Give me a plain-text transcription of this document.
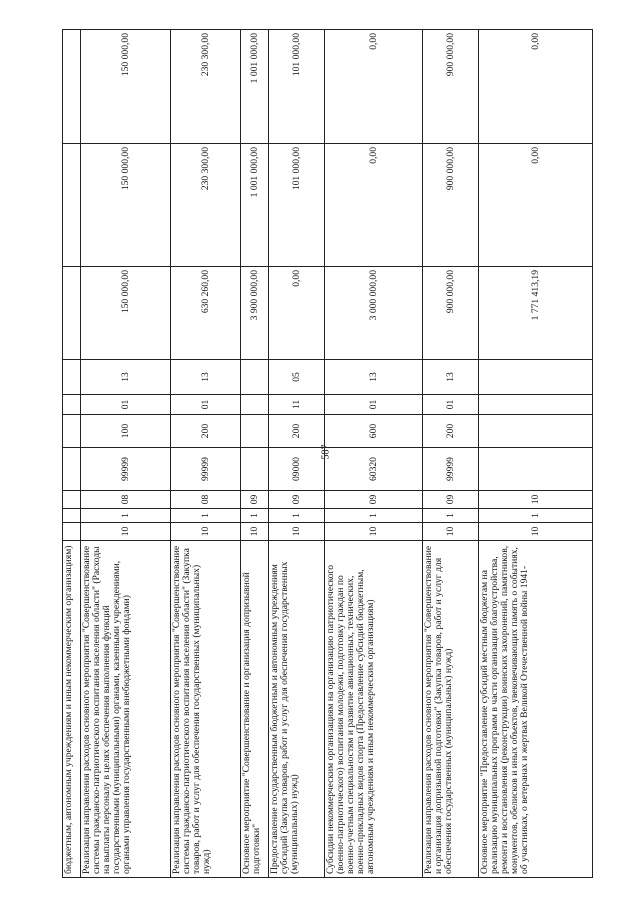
587
бюджетным, автономным учреждениям и иным некоммерческим организациям)										
Реализация направления расходов основного мероприятия "Совершенствование системы гражданско-патриотического воспитания населения области" (Расходы на выплаты персоналу в целях обеспечения выполнения функций государственными (муниципальными) органами, казенными учреждениями, органами управления государственными внебюджетными фондами)	10	1	08	99999	100	01	13	150 000,00	150 000,00	150 000,00
Реализация направления расходов основного мероприятия "Совершенствование системы гражданско-патриотического воспитания населения области" (Закупка товаров, работ и услуг для обеспечения государственных (муниципальных) нужд)	10	1	08	99999	200	01	13	630 260,00	230 300,00	230 300,00
Основное мероприятие "Совершенствование и организация допризывной подготовки"	10	1	09					3 900 000,00	1 001 000,00	1 001 000,00
Предоставление государственным бюджетным и автономным учреждениям субсидий (Закупка товаров, работ и услуг для обеспечения государственных (муниципальных) нужд)	10	1	09	09000	200	11	05	0,00	101 000,00	101 000,00
Субсидии некоммерческим организациям на организацию патриотического (военно-патриотического) воспитания молодежи, подготовку граждан по военно-учетным специальностям и развитие авиационных, технических, военно-прикладных видов спорта (Предоставление субсидий бюджетным, автономным учреждениям и иным некоммерческим организациям)	10	1	09	60320	600	01	13	3 000 000,00	0,00	0,00
Реализация направления расходов основного мероприятия "Совершенствование и организация допризывной подготовки" (Закупка товаров, работ и услуг для обеспечения государственных (муниципальных) нужд)	10	1	09	99999	200	01	13	900 000,00	900 000,00	900 000,00
Основное мероприятие "Предоставление субсидий местным бюджетам на реализацию муниципальных программ в части организации благоустройства, ремонта и восстановления (реконструкции) воинских захоронений, памятников, монументов, обелисков и иных объектов, увековечивающих память о событиях, об участниках, о ветеранах и жертвах Великой Отечественной войны 1941-	10	1	10					1 771 413,19	0,00	0,00
